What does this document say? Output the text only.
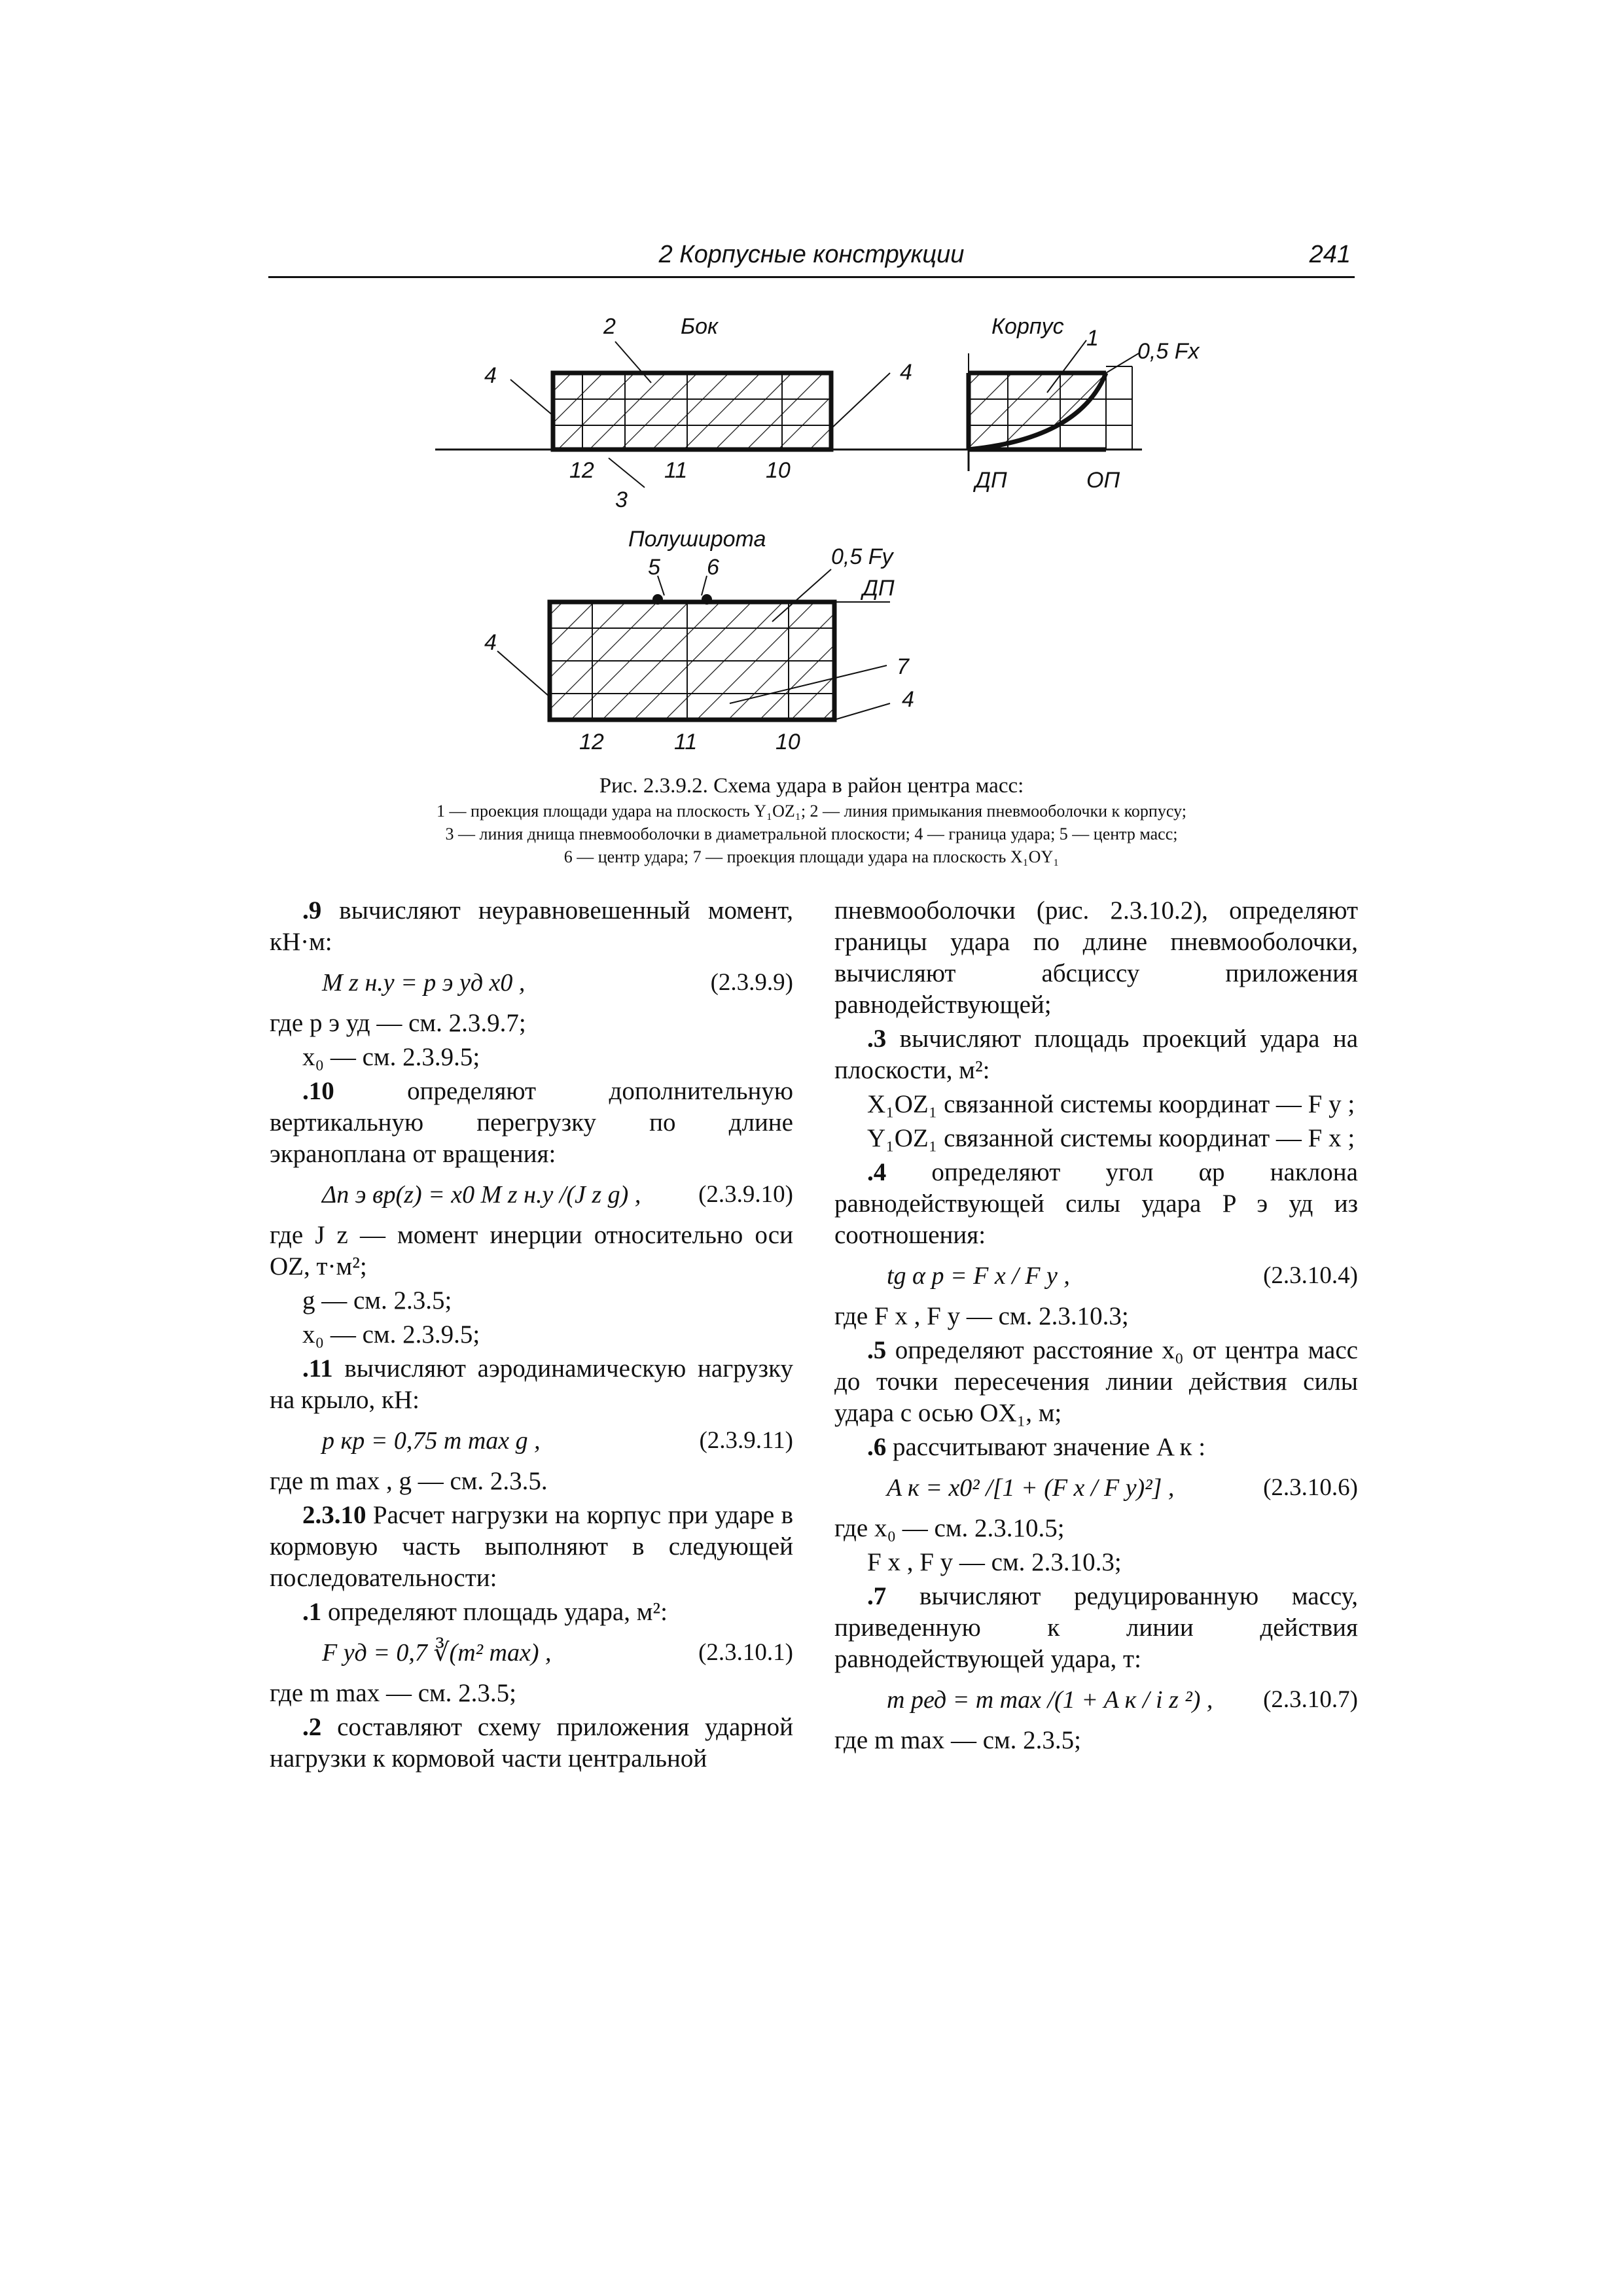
2 Корпусные конструкции	241
2	Бок	Корпус 1
0,5 Fx
4	4
12	11	10
3
ДП	ОП
Полуширота
5 6	0,5 Fy
ДП
4
7
4
12	11	10
Рис. 2.3.9.2. Схема удара в район центра масс:
1 — проекция площади удара на плоскость Y₁OZ₁; 2 — линия примыкания пневмооболочки к корпусу;
3 — линия днища пневмооболочки в диаметральной плоскости; 4 — граница удара; 5 — центр масс;
6 — центр удара; 7 — проекция площади удара на плоскость X₁OY₁

.9 вычисляют неуравновешенный момент, кН·м:

M z н.у = p э уд x0 ,	(2.3.9.9)

где p э уд — см. 2.3.9.7;

x₀ — см. 2.3.9.5;

.10 определяют дополнительную вертикальную перегрузку по длине экраноплана от вращения:

Δn э вр(z) = x0 M z н.у /(J z g) , (2.3.9.10)

где J z — момент инерции относительно оси OZ, т·м²;

g — см. 2.3.5;

x₀ — см. 2.3.9.5;

.11 вычисляют аэродинамическую нагрузку на крыло, кН:

p кр = 0,75 m max g ,	(2.3.9.11)

где m max , g — см. 2.3.5.

2.3.10 Расчет нагрузки на корпус при ударе в кормовую часть выполняют в следующей последовательности:

.1 определяют площадь удара, м²:

F уд = 0,7 ∛(m² max) ,	(2.3.10.1)

где m max — см. 2.3.5;

.2 составляют схему приложения ударной нагрузки к кормовой части центральной

пневмооболочки (рис. 2.3.10.2), определяют границы удара по длине пневмооболочки, вычисляют абсциссу приложения равнодействующей;

.3 вычисляют площадь проекций удара на плоскости, м²:

X₁OZ₁ связанной системы координат — F y ;

Y₁OZ₁ связанной системы координат — F x ;

.4 определяют угол αр наклона равнодействующей силы удара P э уд из соотношения:

tg α р = F x / F y ,	(2.3.10.4)

где F x , F y — см. 2.3.10.3;

.5 определяют расстояние x₀ от центра масс до точки пересечения линии действия силы удара с осью OX₁, м;

.6 рассчитывают значение A к :

A к = x0² /[1 + (F x / F y)²] ,	(2.3.10.6)

где x₀ — см. 2.3.10.5;

F x , F y — см. 2.3.10.3;

.7 вычисляют редуцированную массу, приведенную к линии действия равнодействующей удара, т:

m ред = m max /(1 + A к / i z ²) , (2.3.10.7)

где m max — см. 2.3.5;
